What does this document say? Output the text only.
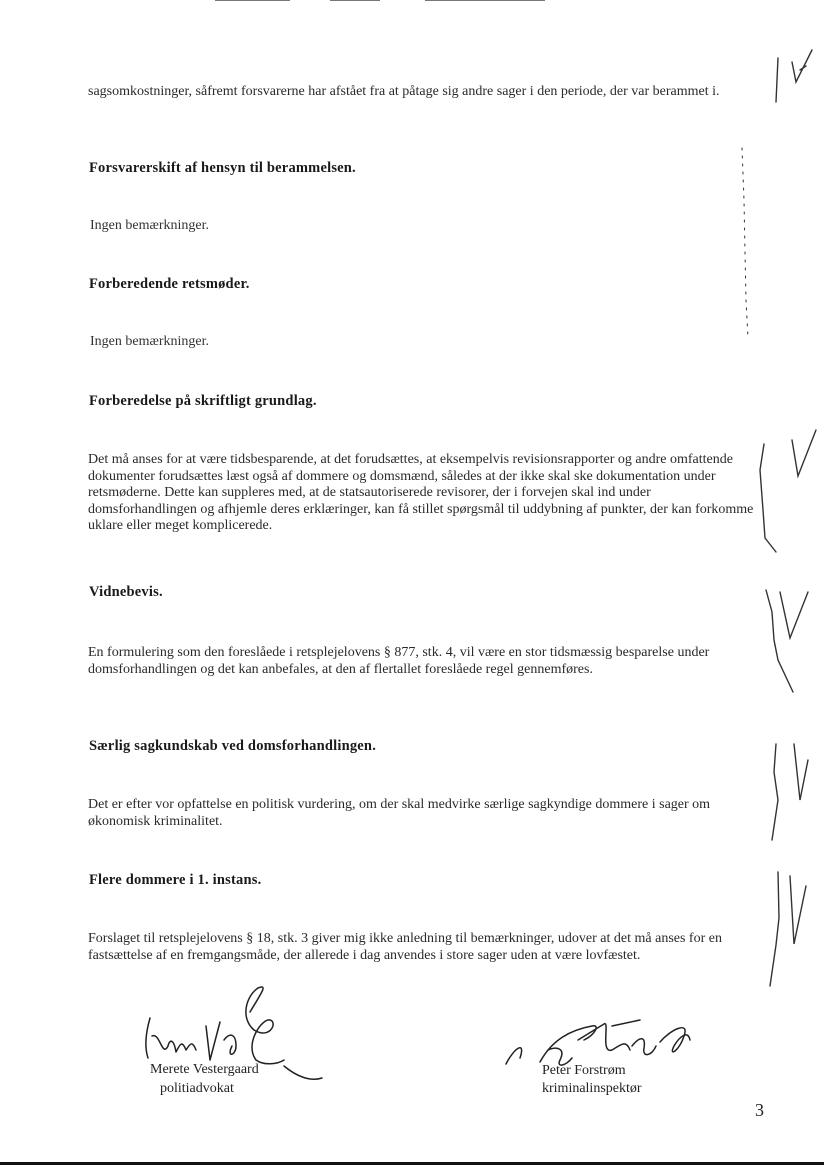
sagsomkostninger, såfremt forsvarerne har afstået fra at påtage sig andre sager i den periode, der var berammet i.
Forsvarerskift af hensyn til berammelsen.
Ingen bemærkninger.
Forberedende retsmøder.
Ingen bemærkninger.
Forberedelse på skriftligt grundlag.
Det må anses for at være tidsbesparende, at det forudsættes, at eksempelvis revisionsrapporter og andre omfattende dokumenter forudsættes læst også af dommere og domsmænd, således at der ikke skal ske dokumentation under retsmøderne. Dette kan suppleres med, at de statsautoriserede revisorer, der i forvejen skal ind under domsforhandlingen og afhjemle deres erklæringer, kan få stillet spørgsmål til uddybning af punkter, der kan forkomme uklare eller meget komplicerede.
Vidnebevis.
En formulering som den foreslåede i retsplejelovens § 877, stk. 4, vil være en stor tidsmæssig besparelse under domsforhandlingen og det kan anbefales, at den af flertallet foreslåede regel gennemføres.
Særlig sagkundskab ved domsforhandlingen.
Det er efter vor opfattelse en politisk vurdering, om der skal medvirke særlige sagkyndige dommere i sager om økonomisk kriminalitet.
Flere dommere i 1. instans.
Forslaget til retsplejelovens § 18, stk. 3 giver mig ikke anledning til bemærkninger, udover at det må anses for en fastsættelse af en fremgangsmåde, der allerede i dag anvendes i store sager uden at være lovfæstet.
Merete Vestergaard
politiadvokat
Peter Forstrøm
kriminalinspektør
3
